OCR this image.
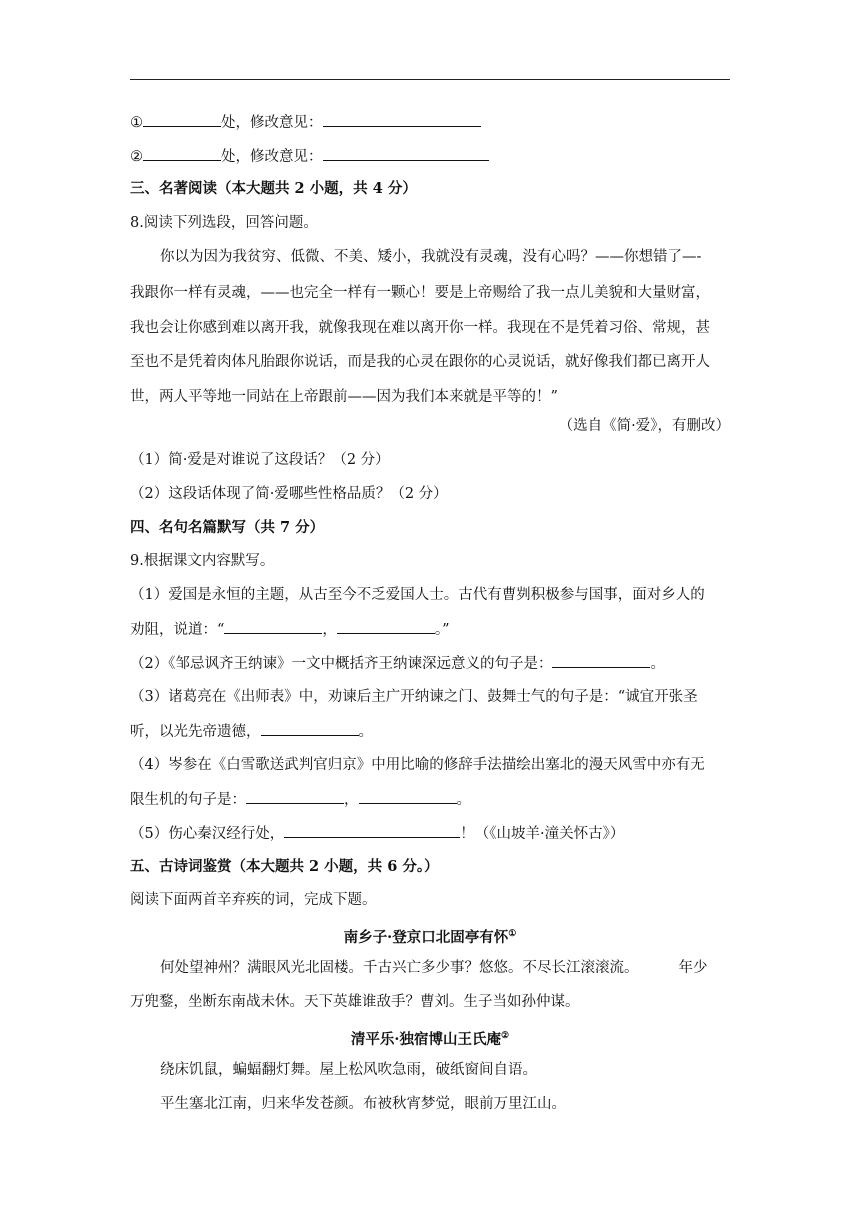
①	处，修改意见：
②	处，修改意见：
三、名著阅读（本大题共 2 小题，共 4 分）
8.阅读下列选段，回答问题。
你以为因为我贫穷、低微、不美、矮小，我就没有灵魂，没有心吗？——你想错了—-
我跟你一样有灵魂，——也完全一样有一颗心！要是上帝赐给了我一点儿美貌和大量财富，
我也会让你感到难以离开我，就像我现在难以离开你一样。我现在不是凭着习俗、常规，甚
至也不是凭着肉体凡胎跟你说话，而是我的心灵在跟你的心灵说话，就好像我们都已离开人
世，两人平等地一同站在上帝跟前——因为我们本来就是平等的！”
（选自《简·爱》，有删改）
（1）简·爱是对谁说了这段话？（2 分）
（2）这段话体现了简·爱哪些性格品质？（2 分）
四、名句名篇默写（共 7 分）
9.根据课文内容默写。
（1）爱国是永恒的主题，从古至今不乏爱国人士。古代有曹刿积极参与国事，面对乡人的
劝阻，说道：“	，	。”
（2）《邹忌讽齐王纳谏》一文中概括齐王纳谏深远意义的句子是：	。
（3）诸葛亮在《出师表》中，劝谏后主广开纳谏之门、鼓舞士气的句子是：“诚宜开张圣
听，以光先帝遗德，	。
（4）岑参在《白雪歌送武判官归京》中用比喻的修辞手法描绘出塞北的漫天风雪中亦有无
限生机的句子是：	，	。
（5）伤心秦汉经行处，	！（《山坡羊·潼关怀古》）
五、古诗词鉴赏（本大题共 2 小题，共 6 分。）
阅读下面两首辛弃疾的词，完成下题。
南乡子·登京口北固亭有怀①
何处望神州？满眼风光北固楼。千古兴亡多少事？悠悠。不尽长江滚滚流。	年少
万兜鍪，坐断东南战未休。天下英雄谁敌手？曹刘。生子当如孙仲谋。
清平乐·独宿博山王氏庵②
绕床饥鼠，蝙蝠翻灯舞。屋上松风吹急雨，破纸窗间自语。
平生塞北江南，归来华发苍颜。布被秋宵梦觉，眼前万里江山。
